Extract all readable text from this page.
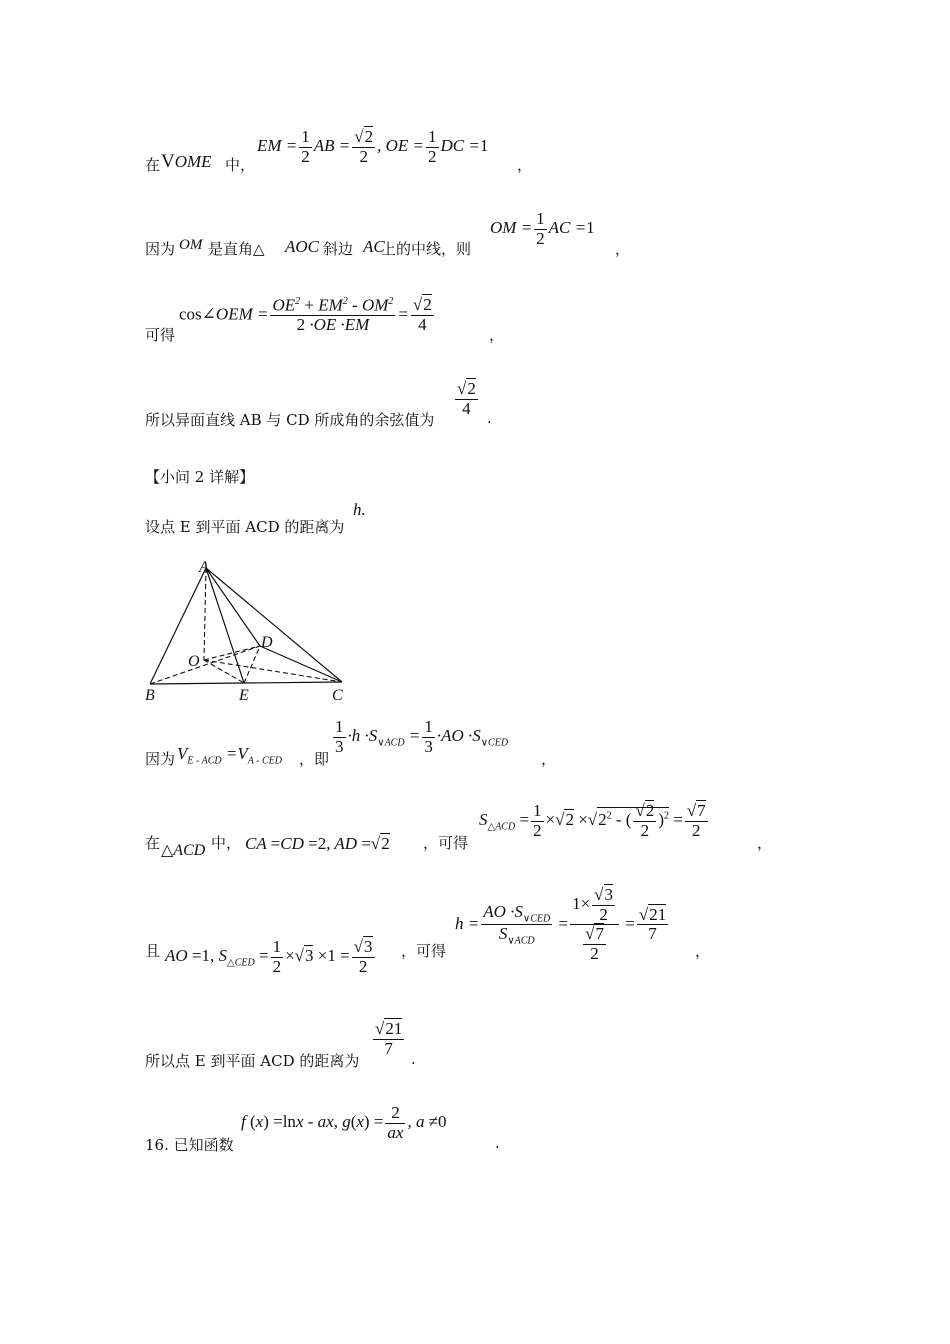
在 VOME 中，
EM = $\frac{1}{2}$ AB = $\frac{√2}{2}$ , OE = $\frac{1}{2}$ DC =1
，
因为 OM 是直角△ AOC 斜边 AC
上的中线，则
OM = $\frac{1}{2}$ AC =1
，
可得
cos∠OEM = $\frac{OE^2 + EM^2 - OM^2}{2 \cdot OE \cdot EM} = \frac{√2}{4}$
，
所以异面直线 AB 与 CD 所成角的余弦值为
$\frac{√2}{4}$ .
【小问 2 详解】
设点 E 到平面 ACD 的距离为
h.
A
B	C
D
E
O
因为 $V_{E - ACD} =V_{A - CED}$ ，即
$\frac{1}{3} \cdot h \cdot S_{\vee ACD} = \frac{1}{3} \cdot AO \cdot S_{\vee CED}$
，
在 △ACD 中， CA =CD =2, AD =√2 ，可得
$S_{\triangle ACD} = \frac{1}{2} \times√2 \times√2^2$ - ( $\frac{√2}{2} )^2 = \frac{√7}{2}$
，
且 AO =1, $S_{\triangle CED} = \frac{1}{2} \times√3 \times 1 = \frac{√3}{2}$ ，可得
$h = \frac{AO \cdot S_{\vee CED}}{S_{\vee ACD}} = \frac{1\times \frac{√3}{2}}{\frac{√7}{2}} = \frac{√21}{7}$
，
所以点 E 到平面 ACD 的距离为
$\frac{√21}{7}$
.
16. 已知函数
f (x) =lnx - ax, $g(x) = \frac{2}{ax}$ , a ≠0
.
